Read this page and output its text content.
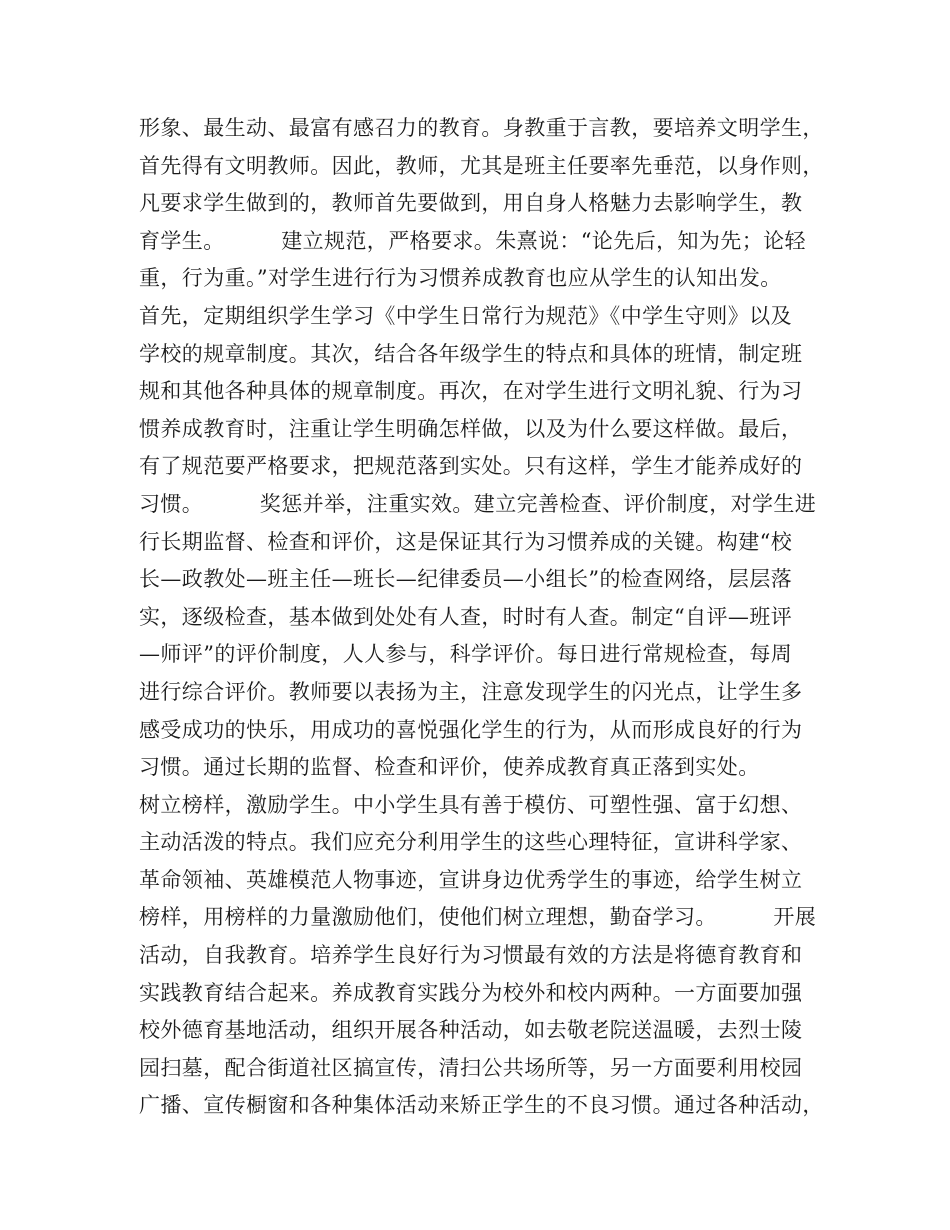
形象、最生动、最富有感召力的教育。身教重于言教，要培养文明学生，
首先得有文明教师。因此，教师，尤其是班主任要率先垂范，以身作则，
凡要求学生做到的，教师首先要做到，用自身人格魅力去影响学生，教
育学生。        建立规范，严格要求。朱熹说：“论先后，知为先；论轻
重，行为重。”对学生进行行为习惯养成教育也应从学生的认知出发。
首先，定期组织学生学习《中学生日常行为规范》《中学生守则》以及
学校的规章制度。其次，结合各年级学生的特点和具体的班情，制定班
规和其他各种具体的规章制度。再次，在对学生进行文明礼貌、行为习
惯养成教育时，注重让学生明确怎样做，以及为什么要这样做。最后，
有了规范要严格要求，把规范落到实处。只有这样，学生才能养成好的
习惯。        奖惩并举，注重实效。建立完善检查、评价制度，对学生进
行长期监督、检查和评价，这是保证其行为习惯养成的关键。构建“校
长—政教处—班主任—班长—纪律委员—小组长”的检查网络，层层落
实，逐级检查，基本做到处处有人查，时时有人查。制定“自评—班评
—师评”的评价制度，人人参与，科学评价。每日进行常规检查，每周
进行综合评价。教师要以表扬为主，注意发现学生的闪光点，让学生多
感受成功的快乐，用成功的喜悦强化学生的行为，从而形成良好的行为
习惯。通过长期的监督、检查和评价，使养成教育真正落到实处。
树立榜样，激励学生。中小学生具有善于模仿、可塑性强、富于幻想、
主动活泼的特点。我们应充分利用学生的这些心理特征，宣讲科学家、
革命领袖、英雄模范人物事迹，宣讲身边优秀学生的事迹，给学生树立
榜样，用榜样的力量激励他们，使他们树立理想，勤奋学习。        开展
活动，自我教育。培养学生良好行为习惯最有效的方法是将德育教育和
实践教育结合起来。养成教育实践分为校外和校内两种。一方面要加强
校外德育基地活动，组织开展各种活动，如去敬老院送温暖，去烈士陵
园扫墓，配合街道社区搞宣传，清扫公共场所等，另一方面要利用校园
广播、宣传橱窗和各种集体活动来矫正学生的不良习惯。通过各种活动，
